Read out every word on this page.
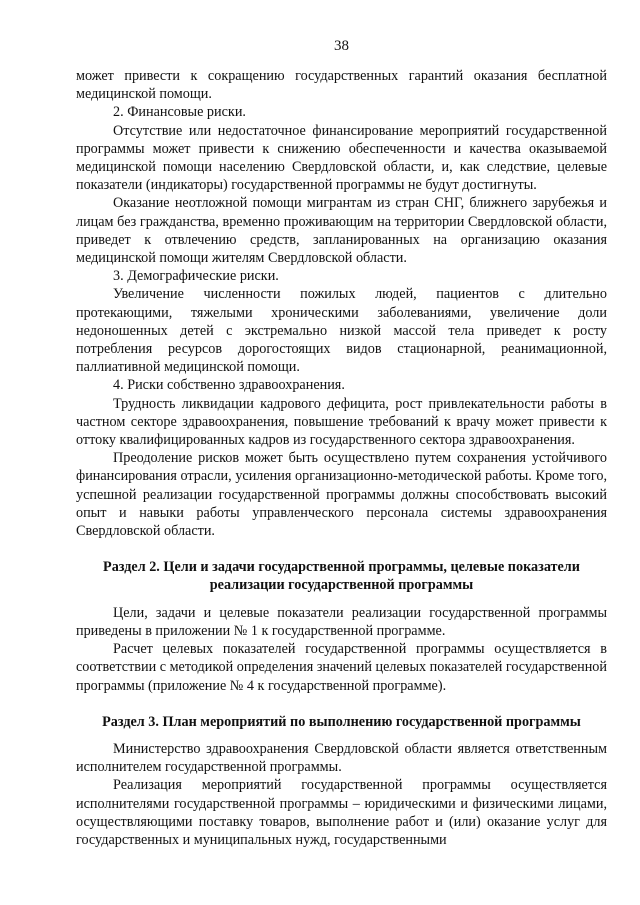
38

может привести к сокращению государственных гарантий оказания бесплатной медицинской помощи.

2. Финансовые риски.

Отсутствие или недостаточное финансирование мероприятий государственной программы может привести к снижению обеспеченности и качества оказываемой медицинской помощи населению Свердловской области, и, как следствие, целевые показатели (индикаторы) государственной программы не будут достигнуты.

Оказание неотложной помощи мигрантам из стран СНГ, ближнего зарубежья и лицам без гражданства, временно проживающим на территории Свердловской области, приведет к отвлечению средств, запланированных на организацию оказания медицинской помощи жителям Свердловской области.

3. Демографические риски.

Увеличение численности пожилых людей, пациентов с длительно протекающими, тяжелыми хроническими заболеваниями, увеличение доли недоношенных детей с экстремально низкой массой тела приведет к росту потребления ресурсов дорогостоящих видов стационарной, реанимационной, паллиативной медицинской помощи.

4. Риски собственно здравоохранения.

Трудность ликвидации кадрового дефицита, рост привлекательности работы в частном секторе здравоохранения, повышение требований к врачу может привести к оттоку квалифицированных кадров из государственного сектора здравоохранения.

Преодоление рисков может быть осуществлено путем сохранения устойчивого финансирования отрасли, усиления организационно-методической работы. Кроме того, успешной реализации государственной программы должны способствовать высокий опыт и навыки работы управленческого персонала системы здравоохранения Свердловской области.

Раздел 2. Цели и задачи государственной программы, целевые показатели реализации государственной программы

Цели, задачи и целевые показатели реализации государственной программы приведены в приложении № 1 к государственной программе.

Расчет целевых показателей государственной программы осуществляется в соответствии с методикой определения значений целевых показателей государственной программы (приложение № 4 к государственной программе).

Раздел 3. План мероприятий по выполнению государственной программы

Министерство здравоохранения Свердловской области является ответственным исполнителем государственной программы.

Реализация мероприятий государственной программы осуществляется исполнителями государственной программы – юридическими и физическими лицами, осуществляющими поставку товаров, выполнение работ и (или) оказание услуг для государственных и муниципальных нужд, государственными
